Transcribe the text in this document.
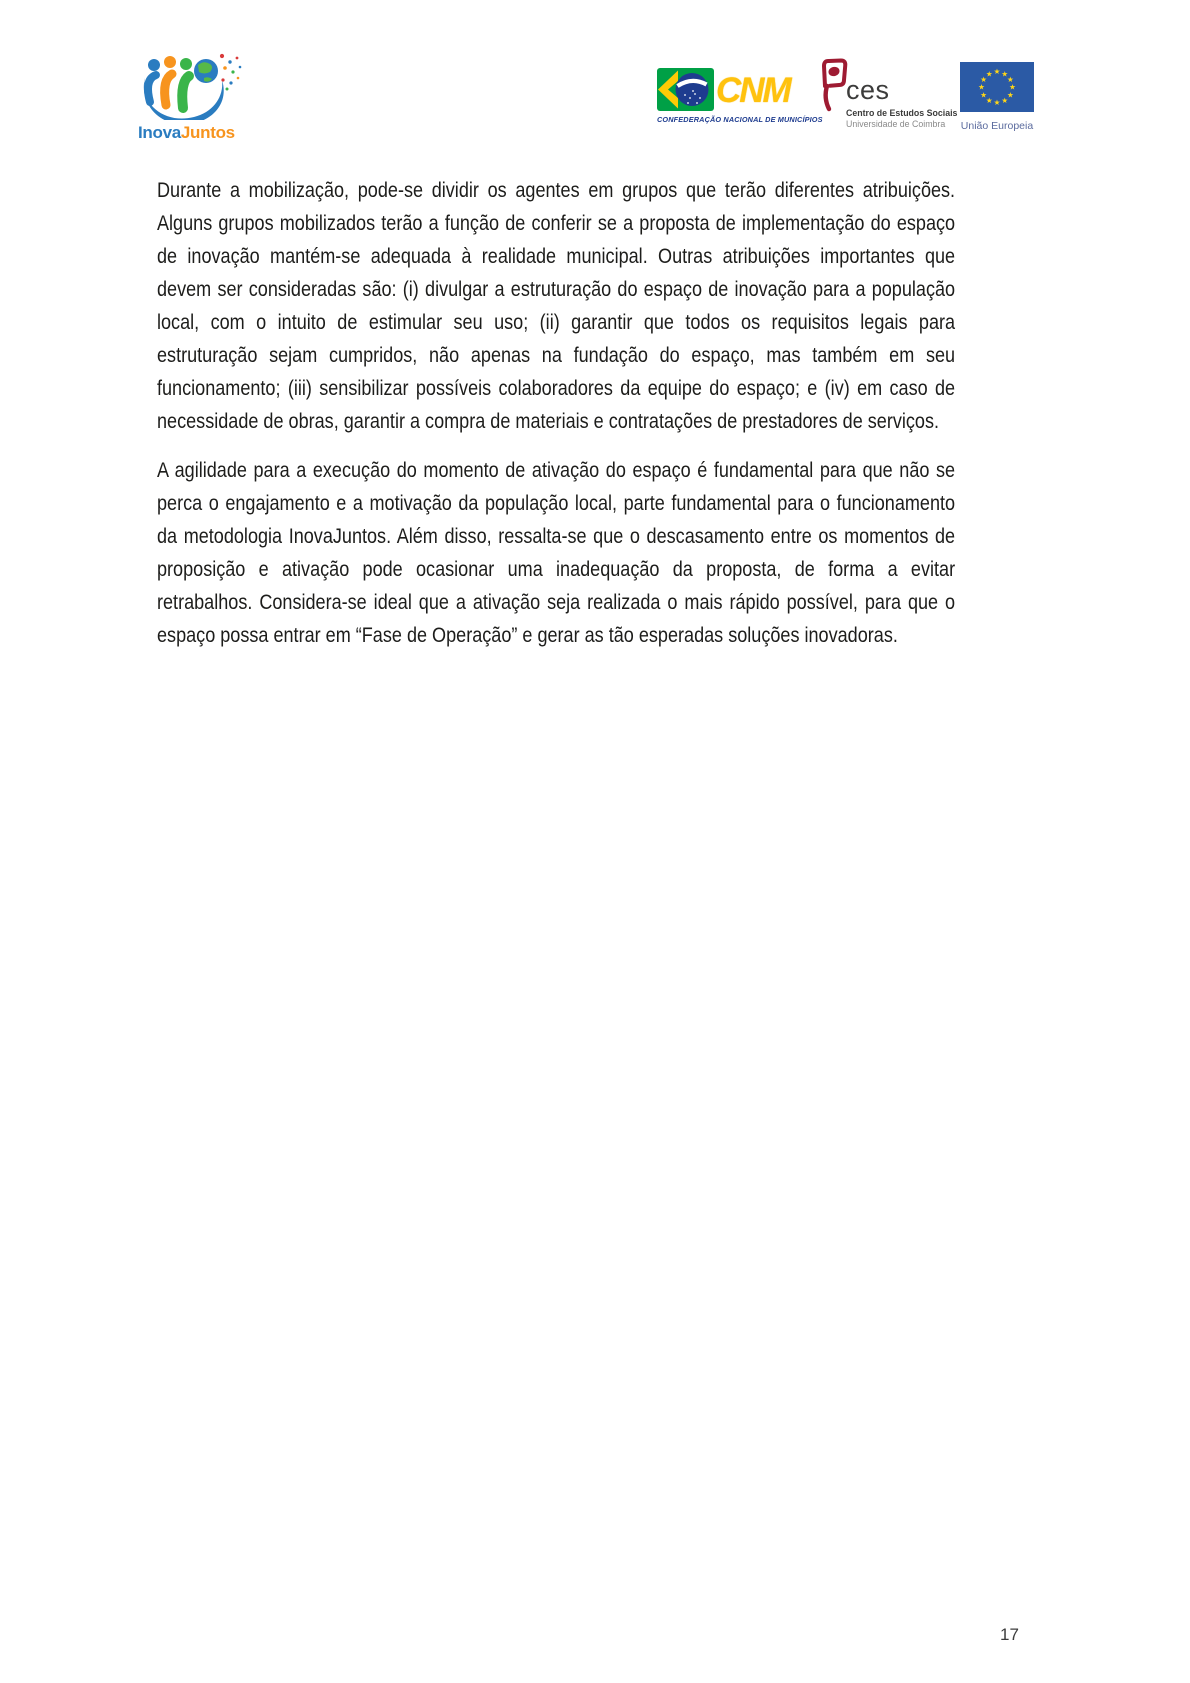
InovaJuntos
CNM
CONFEDERAÇÃO NACIONAL DE MUNICÍPIOS
ces
Centro de Estudos Sociais
Universidade de Coimbra
★ ★
★
★
★
★
★
★
★
★
★
★
União Europeia
Durante a mobilização, pode-se dividir os agentes em grupos que terão diferentes atribuições. Alguns grupos mobilizados terão a função de conferir se a proposta de implementação do espaço de inovação mantém-se adequada à realidade municipal. Outras atribuições importantes que devem ser consideradas são: (i) divulgar a estruturação do espaço de inovação para a população local, com o intuito de estimular seu uso; (ii) garantir que todos os requisitos legais para estruturação sejam cumpridos, não apenas na fundação do espaço, mas também em seu funcionamento; (iii) sensibilizar possíveis colaboradores da equipe do espaço; e (iv) em caso de necessidade de obras, garantir a compra de materiais e contratações de prestadores de serviços.
A agilidade para a execução do momento de ativação do espaço é fundamental para que não se perca o engajamento e a motivação da população local, parte fundamental para o funcionamento da metodologia InovaJuntos. Além disso, ressalta-se que o descasamento entre os momentos de proposição e ativação pode ocasionar uma inadequação da proposta, de forma a evitar retrabalhos. Considera-se ideal que a ativação seja realizada o mais rápido possível, para que o espaço possa entrar em “Fase de Operação” e gerar as tão esperadas soluções inovadoras.
17
